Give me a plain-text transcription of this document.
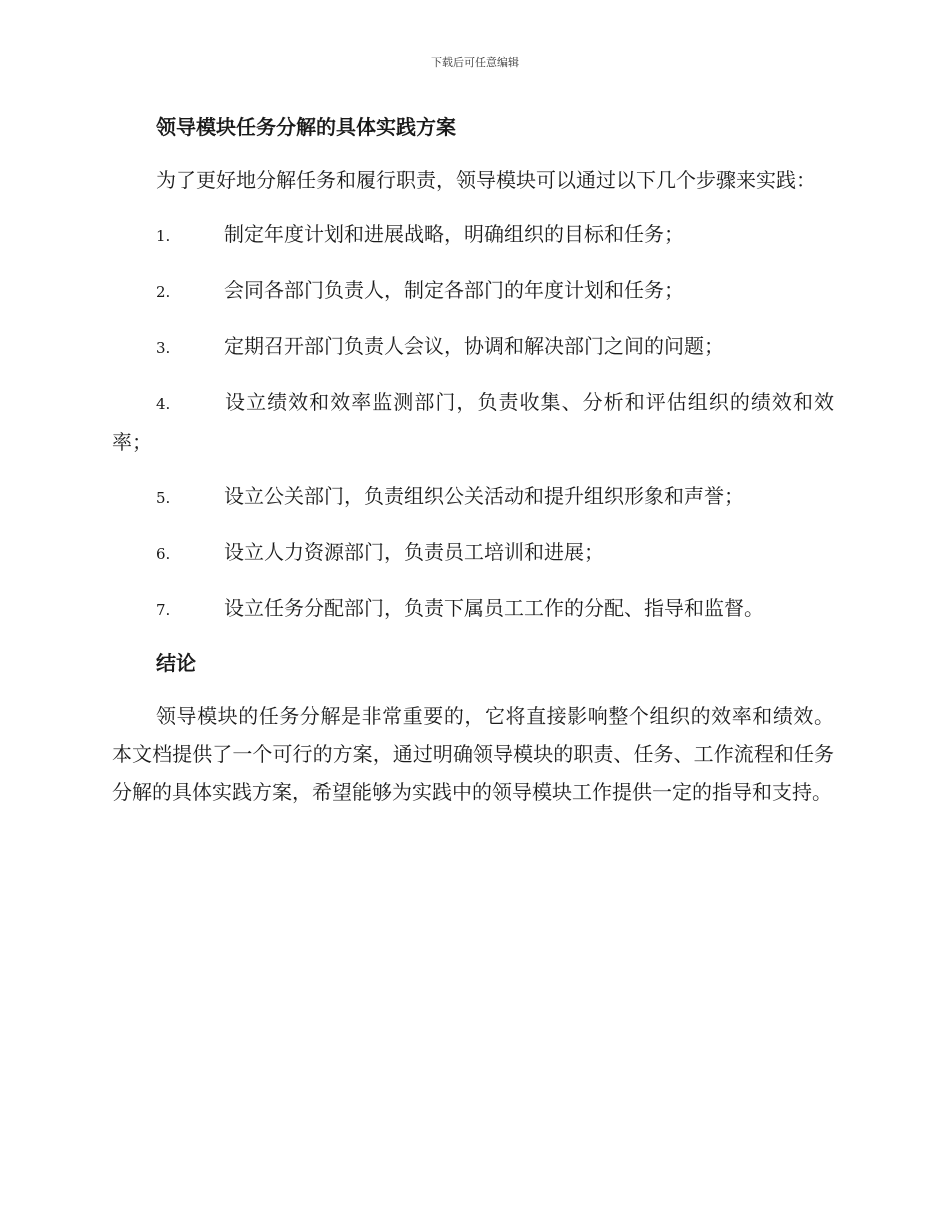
下载后可任意编辑
领导模块任务分解的具体实践方案

为了更好地分解任务和履行职责，领导模块可以通过以下几个步骤来实践：

1.	制定年度计划和进展战略，明确组织的目标和任务；

2.	会同各部门负责人，制定各部门的年度计划和任务；

3.	定期召开部门负责人会议，协调和解决部门之间的问题；

4.	设立绩效和效率监测部门，负责收集、分析和评估组织的绩效和效率；

5.	设立公关部门，负责组织公关活动和提升组织形象和声誉；

6.	设立人力资源部门，负责员工培训和进展；

7.	设立任务分配部门，负责下属员工工作的分配、指导和监督。

结论

领导模块的任务分解是非常重要的，它将直接影响整个组织的效率和绩效。本文档提供了一个可行的方案，通过明确领导模块的职责、任务、工作流程和任务分解的具体实践方案，希望能够为实践中的领导模块工作提供一定的指导和支持。
